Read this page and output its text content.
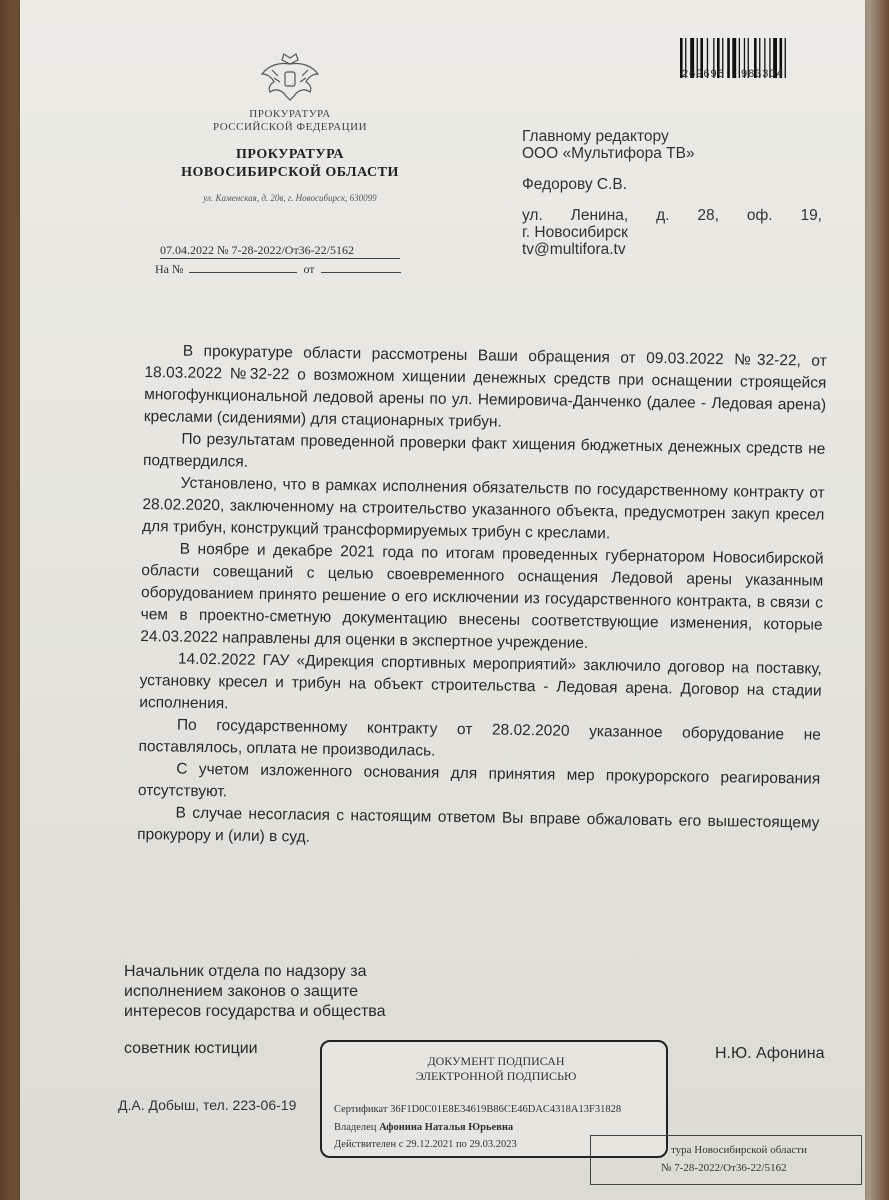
ПРОКУРАТУРА
РОССИЙСКОЙ ФЕДЕРАЦИИ
ПРОКУРАТУРА
НОВОСИБИРСКОЙ ОБЛАСТИ
ул. Каменская, д. 20в, г. Новосибирск, 630099
07.04.2022 № 7-28-2022/От36-22/5162
На №	от
269696 983304
Главному редактору
ООО «Мультифора ТВ»
Федорову С.В.
ул. Ленина, д. 28, оф. 19,
г. Новосибирск
tv@multifora.tv

В прокуратуре области рассмотрены Ваши обращения от 09.03.2022 №32-22, от 18.03.2022 №32-22 о возможном хищении денежных средств при оснащении строящейся многофункциональной ледовой арены по ул. Немировича-Данченко (далее - Ледовая арена) креслами (сидениями) для стационарных трибун.

По результатам проведенной проверки факт хищения бюджетных денежных средств не подтвердился.

Установлено, что в рамках исполнения обязательств по государственному контракту от 28.02.2020, заключенному на строительство указанного объекта, предусмотрен закуп кресел для трибун, конструкций трансформируемых трибун с креслами.

В ноябре и декабре 2021 года по итогам проведенных губернатором Новосибирской области совещаний с целью своевременного оснащения Ледовой арены указанным оборудованием принято решение о его исключении из государственного контракта, в связи с чем в проектно-сметную документацию внесены соответствующие изменения, которые 24.03.2022 направлены для оценки в экспертное учреждение.

14.02.2022 ГАУ «Дирекция спортивных мероприятий» заключило договор на поставку, установку кресел и трибун на объект строительства - Ледовая арена. Договор на стадии исполнения.

По государственному контракту от 28.02.2020 указанное оборудование не поставлялось, оплата не производилась.

С учетом изложенного основания для принятия мер прокурорского реагирования отсутствуют.

В случае несогласия с настоящим ответом Вы вправе обжаловать его вышестоящему прокурору и (или) в суд.

Начальник отдела по надзору за
исполнением законов о защите
интересов государства и общества
советник юстиции	Н.Ю. Афонина
Д.А. Добыш, тел. 223-06-19
ДОКУМЕНТ ПОДПИСАН
ЭЛЕКТРОННОЙ ПОДПИСЬЮ
Сертификат 36F1D0C01E8E34619B86CE46DAC4318A13F31828
Владелец Афонина Наталья Юрьевна
Действителен с 29.12.2021 по 29.03.2023	тура Новосибирской области
№ 7-28-2022/От36-22/5162
